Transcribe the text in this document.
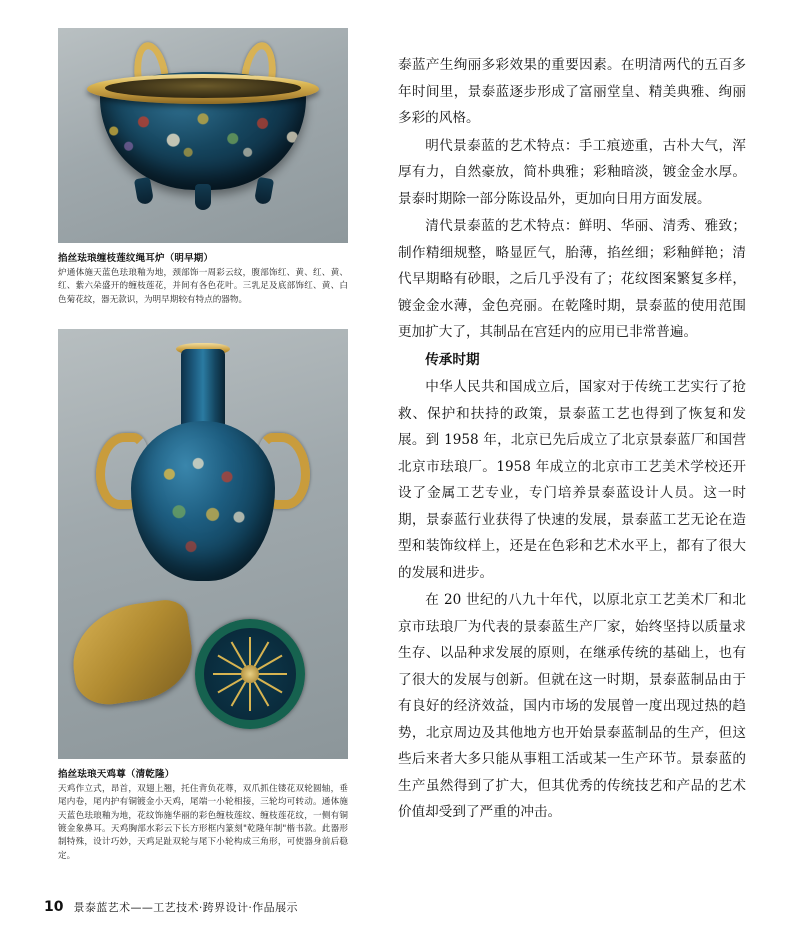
掐丝珐琅缠枝莲纹绳耳炉（明早期）
炉通体施天蓝色珐琅釉为地，颈部饰一周彩云纹，腹部饰红、黄、红、黄、红、紫六朵盛开的缠枝莲花，并间有各色花叶。三乳足及底部饰红、黄、白色菊花纹，器无款识，为明早期较有特点的器物。
掐丝珐琅天鸡尊（清乾隆）
天鸡作立式，昂首，双翅上翘，托住背负花尊，双爪抓住镂花双轮圆轴，垂尾内卷，尾内护有铜镀金小天鸡，尾端一小轮相接，三轮均可转动。通体施天蓝色珐琅釉为地，花纹饰施华丽的彩色缠枝莲纹、缠枝莲花纹，一侧有铜镀金象鼻耳。天鸡胸部水彩云下长方形框内篆刻"乾隆年制"楷书款。此器形制特殊，设计巧妙，天鸡足趾双轮与尾下小轮构成三角形，可使器身前后稳定。

泰蓝产生绚丽多彩效果的重要因素。在明清两代的五百多年时间里，景泰蓝逐步形成了富丽堂皇、精美典雅、绚丽多彩的风格。

明代景泰蓝的艺术特点：手工痕迹重，古朴大气，浑厚有力，自然豪放，简朴典雅；彩釉暗淡，镀金金水厚。景泰时期除一部分陈设品外，更加向日用方面发展。

清代景泰蓝的艺术特点：鲜明、华丽、清秀、雅致；制作精细规整，略显匠气，胎薄，掐丝细；彩釉鲜艳；清代早期略有砂眼，之后几乎没有了；花纹图案繁复多样，镀金金水薄，金色亮丽。在乾隆时期，景泰蓝的使用范围更加扩大了，其制品在宫廷内的应用已非常普遍。

传承时期

中华人民共和国成立后，国家对于传统工艺实行了抢救、保护和扶持的政策，景泰蓝工艺也得到了恢复和发展。到 1958 年，北京已先后成立了北京景泰蓝厂和国营北京市珐琅厂。1958 年成立的北京市工艺美术学校还开设了金属工艺专业，专门培养景泰蓝设计人员。这一时期，景泰蓝行业获得了快速的发展，景泰蓝工艺无论在造型和装饰纹样上，还是在色彩和艺术水平上，都有了很大的发展和进步。

在 20 世纪的八九十年代，以原北京工艺美术厂和北京市珐琅厂为代表的景泰蓝生产厂家，始终坚持以质量求生存、以品种求发展的原则，在继承传统的基础上，也有了很大的发展与创新。但就在这一时期，景泰蓝制品由于有良好的经济效益，国内市场的发展曾一度出现过热的趋势，北京周边及其他地方也开始景泰蓝制品的生产，但这些后来者大多只能从事粗工活或某一生产环节。景泰蓝的生产虽然得到了扩大，但其优秀的传统技艺和产品的艺术价值却受到了严重的冲击。

10 景泰蓝艺术——工艺技术·跨界设计·作品展示
